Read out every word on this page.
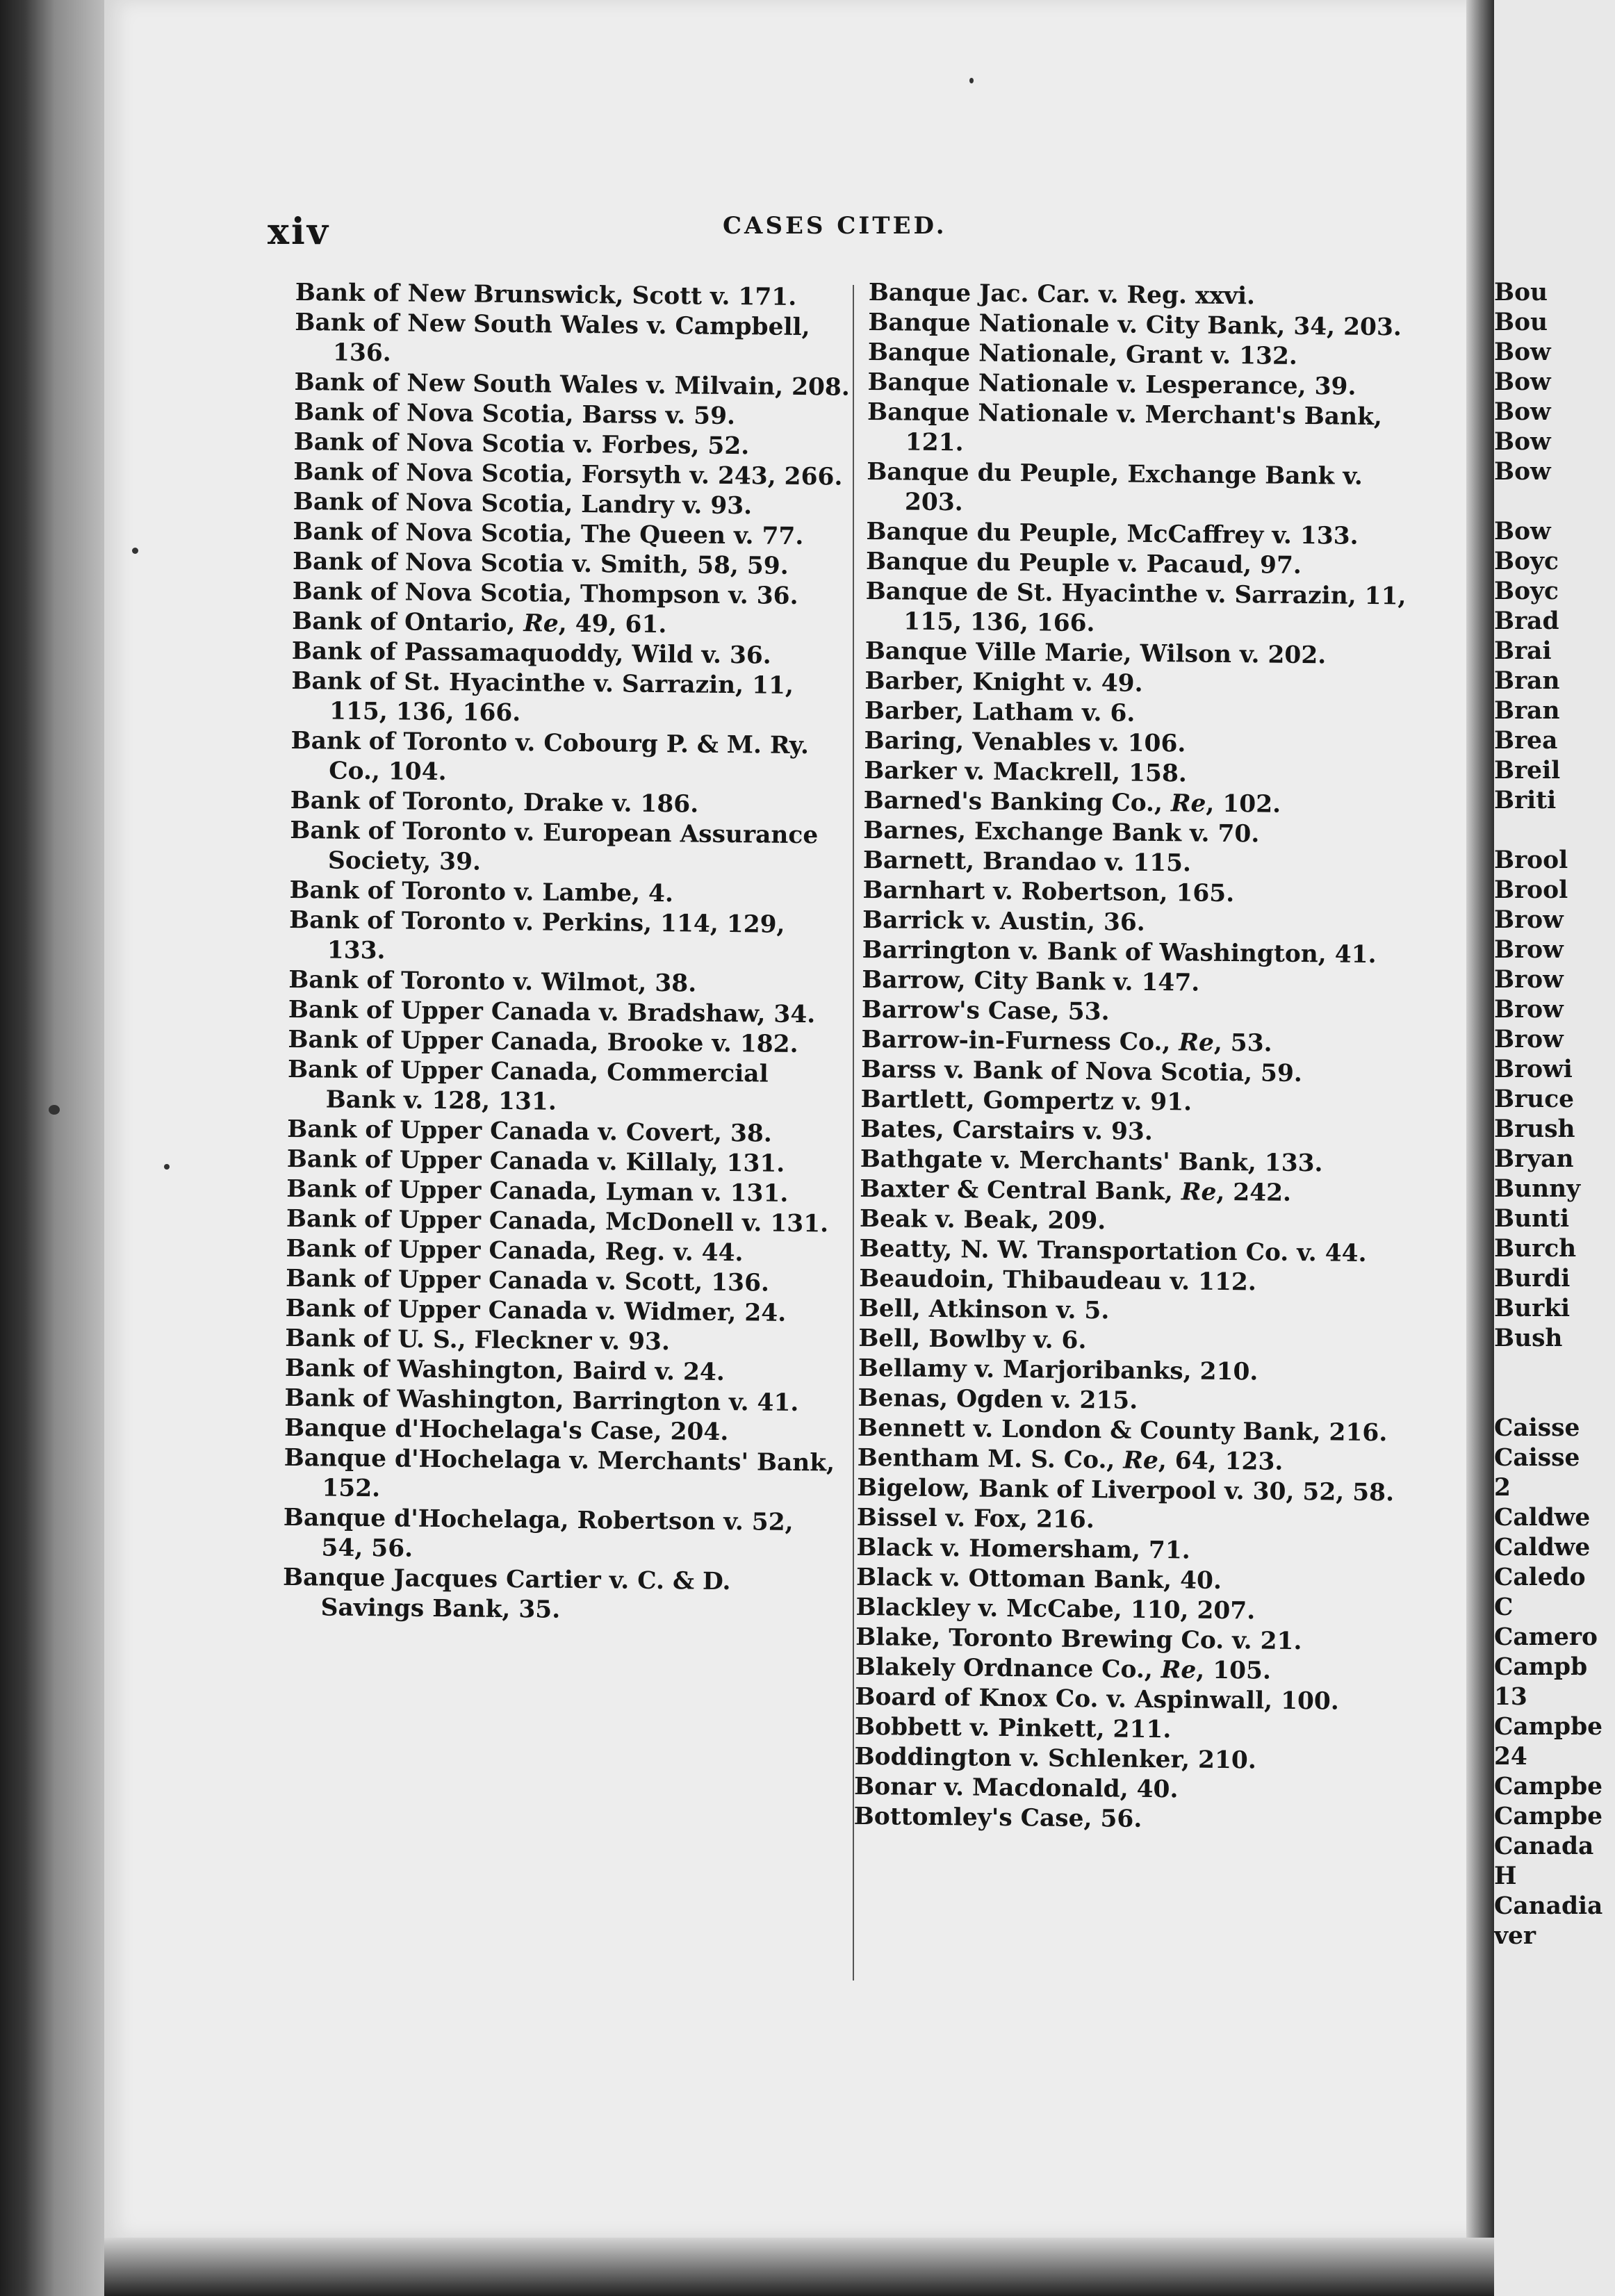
xiv	CASES CITED.

Bank of New Brunswick, Scott v. 171.

Bank of New South Wales v. Campbell, 136.

Bank of New South Wales v. Milvain, 208.

Bank of Nova Scotia, Barss v. 59.

Bank of Nova Scotia v. Forbes, 52.

Bank of Nova Scotia, Forsyth v. 243, 266.

Bank of Nova Scotia, Landry v. 93.

Bank of Nova Scotia, The Queen v. 77.

Bank of Nova Scotia v. Smith, 58, 59.

Bank of Nova Scotia, Thompson v. 36.

Bank of Ontario, Re, 49, 61.

Bank of Passamaquoddy, Wild v. 36.

Bank of St. Hyacinthe v. Sarrazin, 11, 115, 136, 166.

Bank of Toronto v. Cobourg P. & M. Ry. Co., 104.

Bank of Toronto, Drake v. 186.

Bank of Toronto v. European Assurance Society, 39.

Bank of Toronto v. Lambe, 4.

Bank of Toronto v. Perkins, 114, 129, 133.

Bank of Toronto v. Wilmot, 38.

Bank of Upper Canada v. Bradshaw, 34.

Bank of Upper Canada, Brooke v. 182.

Bank of Upper Canada, Commercial Bank v. 128, 131.

Bank of Upper Canada v. Covert, 38.

Bank of Upper Canada v. Killaly, 131.

Bank of Upper Canada, Lyman v. 131.

Bank of Upper Canada, McDonell v. 131.

Bank of Upper Canada, Reg. v. 44.

Bank of Upper Canada v. Scott, 136.

Bank of Upper Canada v. Widmer, 24.

Bank of U. S., Fleckner v. 93.

Bank of Washington, Baird v. 24.

Bank of Washington, Barrington v. 41.

Banque d'Hochelaga's Case, 204.

Banque d'Hochelaga v. Merchants' Bank, 152.

Banque d'Hochelaga, Robertson v. 52, 54, 56.

Banque Jacques Cartier v. C. & D. Savings Bank, 35.

Banque Jac. Car. v. Reg. xxvi.

Banque Nationale v. City Bank, 34, 203.

Banque Nationale, Grant v. 132.

Banque Nationale v. Lesperance, 39.

Banque Nationale v. Merchant's Bank, 121.

Banque du Peuple, Exchange Bank v. 203.

Banque du Peuple, McCaffrey v. 133.

Banque du Peuple v. Pacaud, 97.

Banque de St. Hyacinthe v. Sarrazin, 11, 115, 136, 166.

Banque Ville Marie, Wilson v. 202.

Barber, Knight v. 49.

Barber, Latham v. 6.

Baring, Venables v. 106.

Barker v. Mackrell, 158.

Barned's Banking Co., Re, 102.

Barnes, Exchange Bank v. 70.

Barnett, Brandao v. 115.

Barnhart v. Robertson, 165.

Barrick v. Austin, 36.

Barrington v. Bank of Washington, 41.

Barrow, City Bank v. 147.

Barrow's Case, 53.

Barrow-in-Furness Co., Re, 53.

Barss v. Bank of Nova Scotia, 59.

Bartlett, Gompertz v. 91.

Bates, Carstairs v. 93.

Bathgate v. Merchants' Bank, 133.

Baxter & Central Bank, Re, 242.

Beak v. Beak, 209.

Beatty, N. W. Transportation Co. v. 44.

Beaudoin, Thibaudeau v. 112.

Bell, Atkinson v. 5.

Bell, Bowlby v. 6.

Bellamy v. Marjoribanks, 210.

Benas, Ogden v. 215.

Bennett v. London & County Bank, 216.

Bentham M. S. Co., Re, 64, 123.

Bigelow, Bank of Liverpool v. 30, 52, 58.

Bissel v. Fox, 216.

Black v. Homersham, 71.

Black v. Ottoman Bank, 40.

Blackley v. McCabe, 110, 207.

Blake, Toronto Brewing Co. v. 21.

Blakely Ordnance Co., Re, 105.

Board of Knox Co. v. Aspinwall, 100.

Bobbett v. Pinkett, 211.

Boddington v. Schlenker, 210.

Bonar v. Macdonald, 40.

Bottomley's Case, 56.

Bou
Bou
Bow
Bow
Bow
Bow
Bow
Bow
Boyc
Boyc
Brad
Brai
Bran
Bran
Brea
Breil
Briti
Brool
Brool
Brow
Brow
Brow
Brow
Brow
Browi
Bruce
Brush
Bryan
Bunny
Bunti
Burch
Burdi
Burki
Bush
Caisse
Caisse
2
Caldwe
Caldwe
Caledo
C
Camero
Campb
13
Campbe
24
Campbe
Campbe
Canada
H
Canadia
ver
